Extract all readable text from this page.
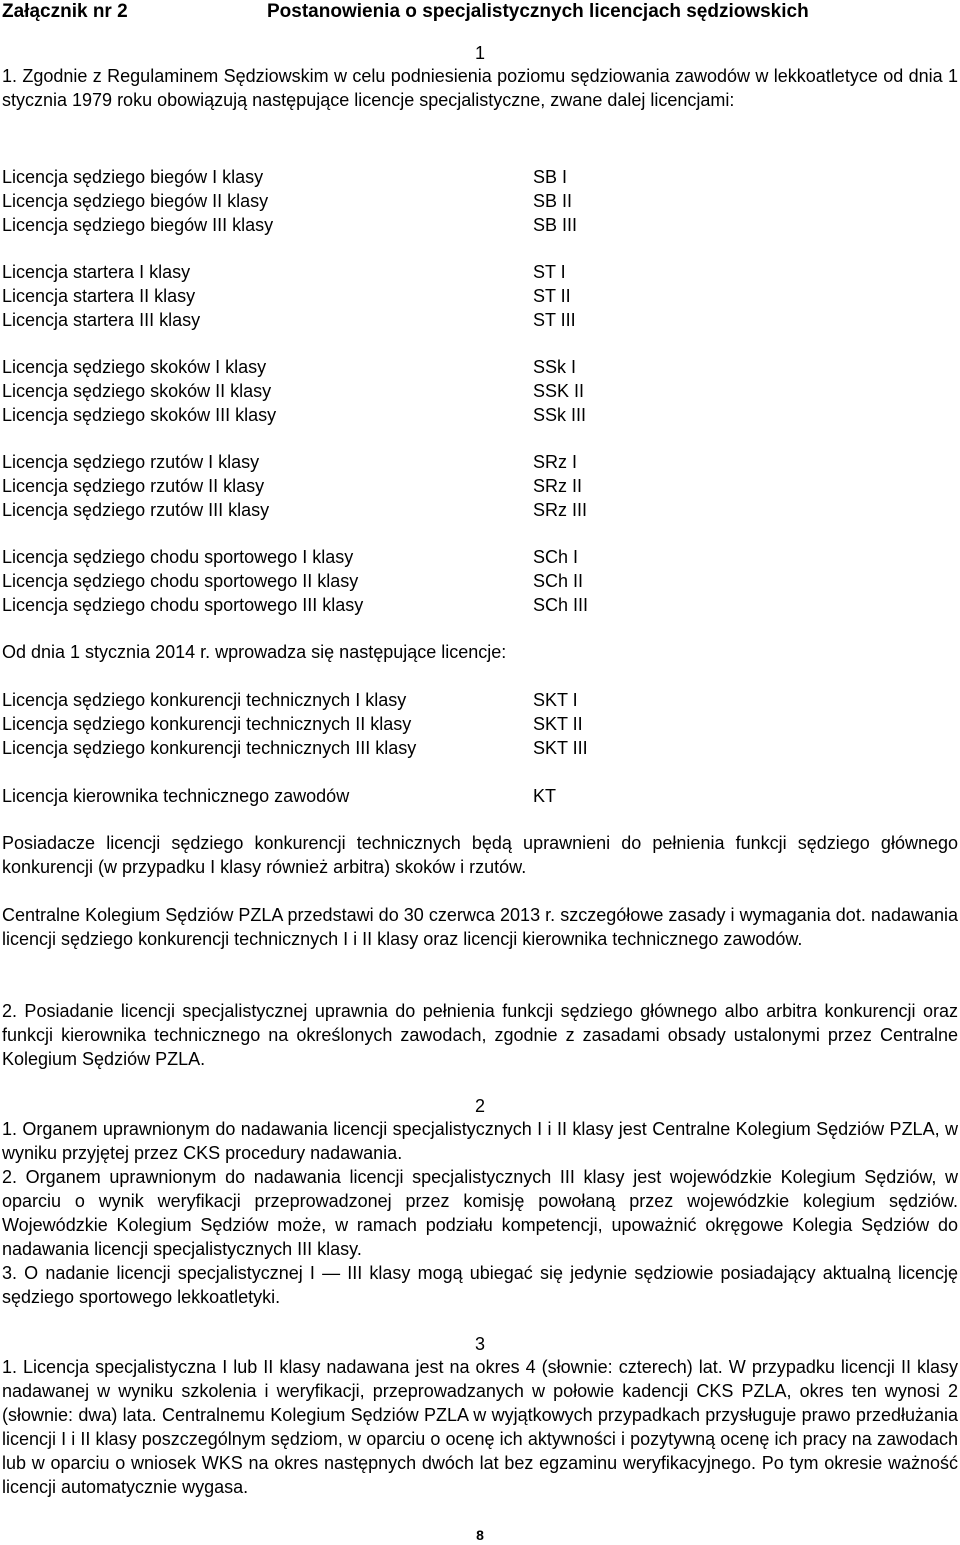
Załącznik nr 2	Postanowienia o specjalistycznych licencjach sędziowskich
1

1. Zgodnie z Regulaminem Sędziowskim w celu podniesienia poziomu sędziowania zawodów w lekkoatletyce od dnia 1 stycznia 1979 roku obowiązują następujące licencje specjalistyczne, zwane dalej licencjami:

Licencja sędziego biegów I klasy	SB I
Licencja sędziego biegów II klasy	SB II
Licencja sędziego biegów III klasy	SB III
Licencja startera I klasy	ST I
Licencja startera II klasy	ST II
Licencja startera III klasy	ST III
Licencja sędziego skoków I klasy	SSk I
Licencja sędziego skoków II klasy	SSK II
Licencja sędziego skoków III klasy	SSk III
Licencja sędziego rzutów I klasy	SRz I
Licencja sędziego rzutów II klasy	SRz II
Licencja sędziego rzutów III klasy	SRz III
Licencja sędziego chodu sportowego I klasy	SCh I
Licencja sędziego chodu sportowego II klasy	SCh II
Licencja sędziego chodu sportowego III klasy	SCh III

Od dnia 1 stycznia 2014 r. wprowadza się następujące licencje:

Licencja sędziego konkurencji technicznych I klasy	SKT I
Licencja sędziego konkurencji technicznych II klasy	SKT II
Licencja sędziego konkurencji technicznych III klasy	SKT III
Licencja kierownika technicznego zawodów	KT

Posiadacze licencji sędziego konkurencji technicznych będą uprawnieni do pełnienia funkcji sędziego głównego konkurencji (w przypadku I klasy również arbitra) skoków i rzutów.

Centralne Kolegium Sędziów PZLA przedstawi do 30 czerwca 2013 r. szczegółowe zasady i wymagania dot. nadawania licencji sędziego konkurencji technicznych I i II klasy oraz licencji kierownika technicznego zawodów.

2. Posiadanie licencji specjalistycznej uprawnia do pełnienia funkcji sędziego głównego albo arbitra konkurencji oraz funkcji kierownika technicznego na określonych zawodach, zgodnie z zasadami obsady ustalonymi przez Centralne Kolegium Sędziów PZLA.

2

1. Organem uprawnionym do nadawania licencji specjalistycznych I i II klasy jest Centralne Kolegium Sędziów PZLA, w wyniku przyjętej przez CKS procedury nadawania.

2. Organem uprawnionym do nadawania licencji specjalistycznych III klasy jest wojewódzkie Kolegium Sędziów, w oparciu o wynik weryfikacji przeprowadzonej przez komisję powołaną przez wojewódzkie kolegium sędziów. Wojewódzkie Kolegium Sędziów może, w ramach podziału kompetencji, upoważnić okręgowe Kolegia Sędziów do nadawania licencji specjalistycznych III klasy.

3. O nadanie licencji specjalistycznej I — III klasy mogą ubiegać się jedynie sędziowie posiadający aktualną licencję sędziego sportowego lekkoatletyki.

3

1. Licencja specjalistyczna I lub II klasy nadawana jest na okres 4 (słownie: czterech) lat. W przypadku licencji II klasy nadawanej w wyniku szkolenia i weryfikacji, przeprowadzanych w połowie kadencji CKS PZLA, okres ten wynosi 2 (słownie: dwa) lata. Centralnemu Kolegium Sędziów PZLA w wyjątkowych przypadkach przysługuje prawo przedłużania licencji I i II klasy poszczególnym sędziom, w oparciu o ocenę ich aktywności i pozytywną ocenę ich pracy na zawodach lub w oparciu o wniosek WKS na okres następnych dwóch lat bez egzaminu weryfikacyjnego. Po tym okresie ważność licencji automatycznie wygasa.

8
